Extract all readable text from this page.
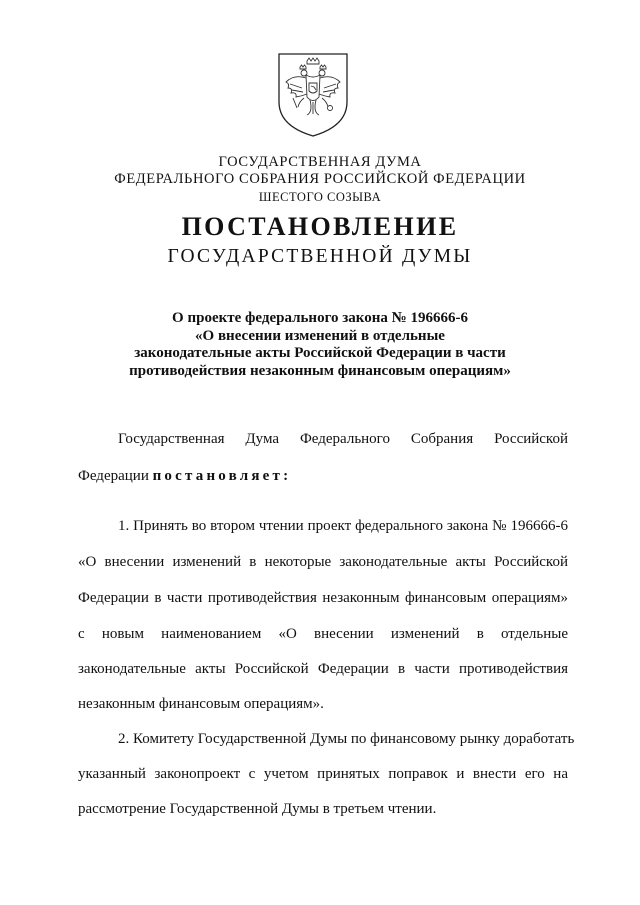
ГОСУДАРСТВЕННАЯ ДУМА
ФЕДЕРАЛЬНОГО СОБРАНИЯ РОССИЙСКОЙ ФЕДЕРАЦИИ
ШЕСТОГО СОЗЫВА
ПОСТАНОВЛЕНИЕ
ГОСУДАРСТВЕННОЙ ДУМЫ
О проекте федерального закона № 196666-6
«О внесении изменений в отдельные
законодательные акты Российской Федерации в части
противодействия незаконным финансовым операциям»
Государственная Дума Федерального Собрания Российской
Федерации постановляет:
1. Принять во втором чтении проект федерального закона № 196666-6
«О внесении изменений в некоторые законодательные акты Российской
Федерации в части противодействия незаконным финансовым операциям»
с новым наименованием «О внесении изменений в отдельные
законодательные акты Российской Федерации в части противодействия
незаконным финансовым операциям».
2. Комитету Государственной Думы по финансовому рынку доработать
указанный законопроект с учетом принятых поправок и внести его на
рассмотрение Государственной Думы в третьем чтении.
